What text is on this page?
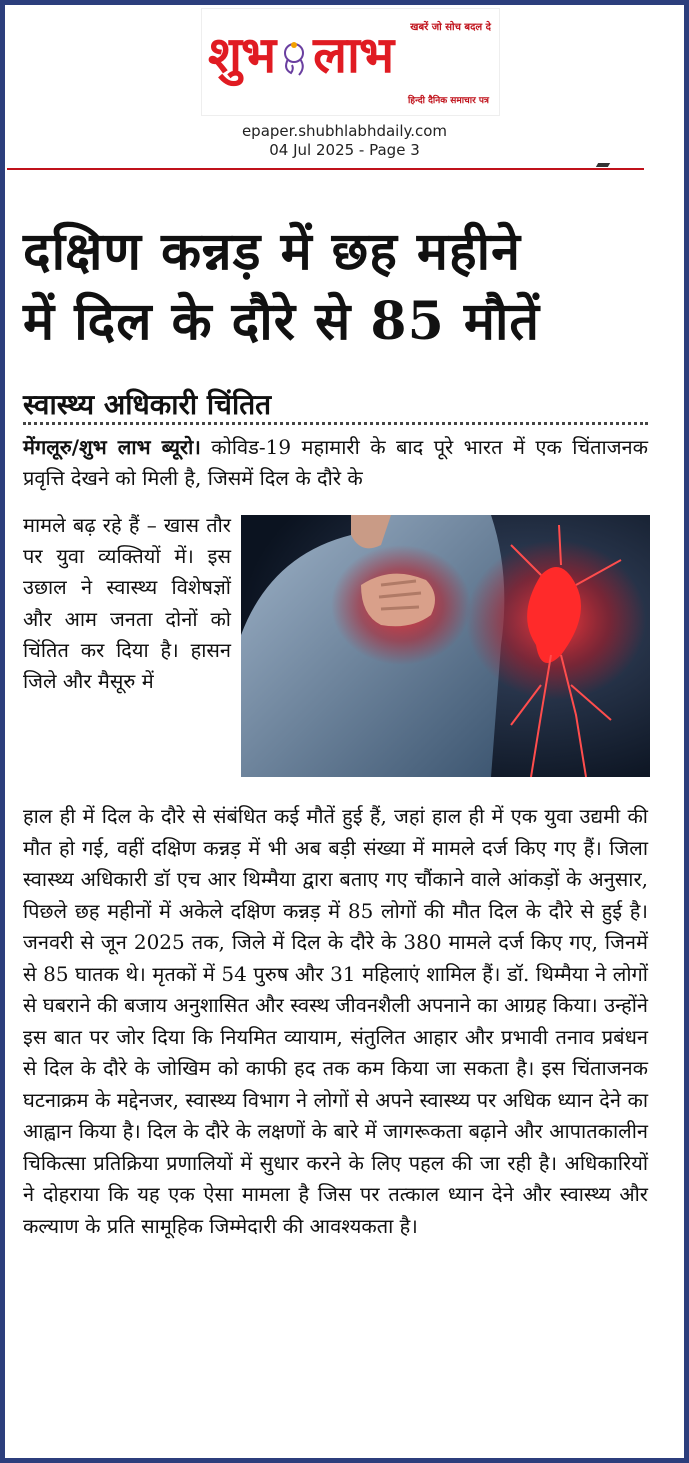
खबरें जो सोच बदल दे
शुभ लाभ
हिन्दी दैनिक समाचार पत्र
epaper.shubhlabhdaily.com
04 Jul 2025 - Page 3
दक्षिण कन्नड़ में छह महीने
में दिल के दौरे से 85 मौतें
स्वास्थ्य अधिकारी चिंतित
मेंगलूरु/शुभ लाभ ब्यूरो। कोविड-19 महामारी के बाद पूरे भारत में एक चिंताजनक प्रवृत्ति देखने को मिली है, जिसमें दिल के दौरे के
मामले बढ़ रहे हैं – खास तौर पर युवा व्यक्तियों में। इस उछाल ने स्वास्थ्य विशेषज्ञों और आम जनता दोनों को चिंतित कर दिया है। हासन जिले और मैसूरु में
हाल ही में दिल के दौरे से संबंधित कई मौतें हुई हैं, जहां हाल ही में एक युवा उद्यमी की मौत हो गई, वहीं दक्षिण कन्नड़ में भी अब बड़ी संख्या में मामले दर्ज किए गए हैं। जिला स्वास्थ्य अधिकारी डॉ एच आर थिम्मैया द्वारा बताए गए चौंकाने वाले आंकड़ों के अनुसार, पिछले छह महीनों में अकेले दक्षिण कन्नड़ में 85 लोगों की मौत दिल के दौरे से हुई है। जनवरी से जून 2025 तक, जिले में दिल के दौरे के 380 मामले दर्ज किए गए, जिनमें से 85 घातक थे। मृतकों में 54 पुरुष और 31 महिलाएं शामिल हैं। डॉ. थिम्मैया ने लोगों से घबराने की बजाय अनुशासित और स्वस्थ जीवनशैली अपनाने का आग्रह किया। उन्होंने इस बात पर जोर दिया कि नियमित व्यायाम, संतुलित आहार और प्रभावी तनाव प्रबंधन से दिल के दौरे के जोखिम को काफी हद तक कम किया जा सकता है। इस चिंताजनक घटनाक्रम के मद्देनजर, स्वास्थ्य विभाग ने लोगों से अपने स्वास्थ्य पर अधिक ध्यान देने का आह्वान किया है। दिल के दौरे के लक्षणों के बारे में जागरूकता बढ़ाने और आपातकालीन चिकित्सा प्रतिक्रिया प्रणालियों में सुधार करने के लिए पहल की जा रही है। अधिकारियों ने दोहराया कि यह एक ऐसा मामला है जिस पर तत्काल ध्यान देने और स्वास्थ्य और कल्याण के प्रति सामूहिक जिम्मेदारी की आवश्यकता है।
